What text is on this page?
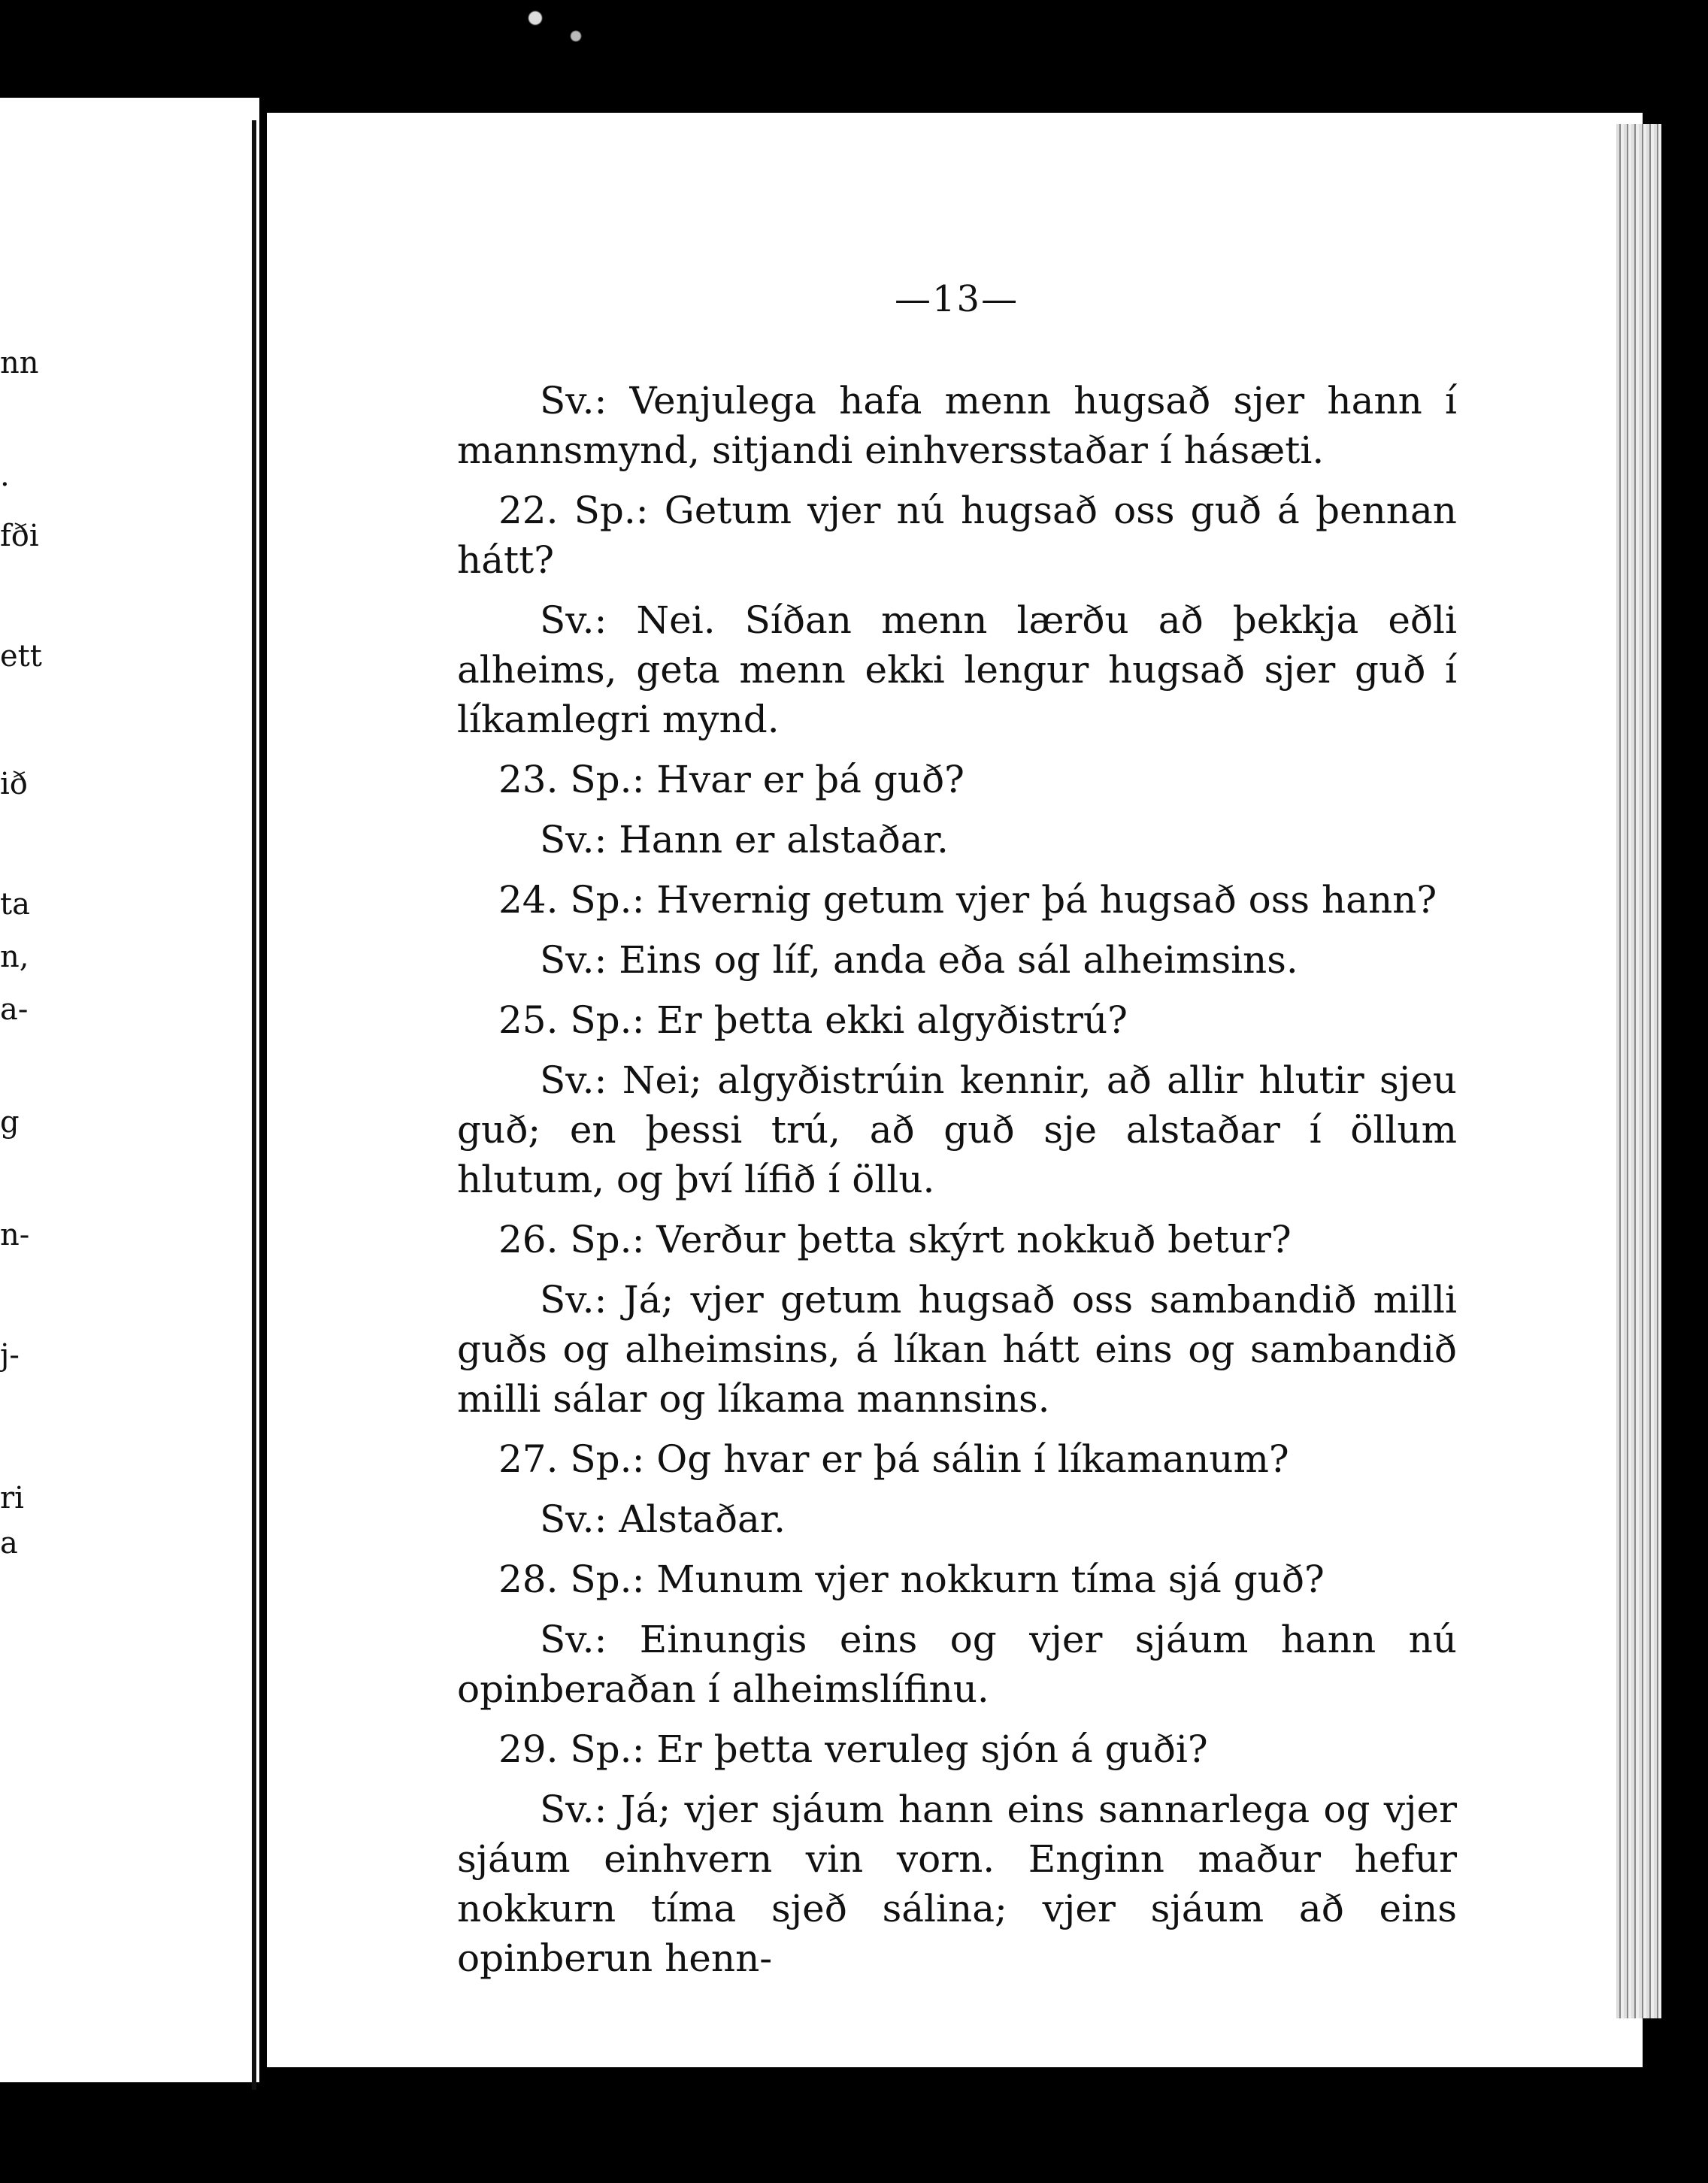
nn
.
fði
ett
ið
ta
n,
a-
g
n-
j-
ri
a
—13—

Sv.: Venjulega hafa menn hugsað sjer hann í mannsmynd, sitjandi einhversstaðar í hásæti.

22. Sp.: Getum vjer nú hugsað oss guð á þennan hátt?

Sv.: Nei. Síðan menn lærðu að þekkja eðli alheims, geta menn ekki lengur hugsað sjer guð í líkamlegri mynd.

23. Sp.: Hvar er þá guð?

Sv.: Hann er alstaðar.

24. Sp.: Hvernig getum vjer þá hugsað oss hann?

Sv.: Eins og líf, anda eða sál alheimsins.

25. Sp.: Er þetta ekki algyðistrú?

Sv.: Nei; algyðistrúin kennir, að allir hlutir sjeu guð; en þessi trú, að guð sje alstaðar í öllum hlutum, og því lífið í öllu.

26. Sp.: Verður þetta skýrt nokkuð betur?

Sv.: Já; vjer getum hugsað oss sambandið milli guðs og alheimsins, á líkan hátt eins og sambandið milli sálar og líkama mannsins.

27. Sp.: Og hvar er þá sálin í líkamanum?

Sv.: Alstaðar.

28. Sp.: Munum vjer nokkurn tíma sjá guð?

Sv.: Einungis eins og vjer sjáum hann nú opinberaðan í alheimslífinu.

29. Sp.: Er þetta veruleg sjón á guði?

Sv.: Já; vjer sjáum hann eins sannarlega og vjer sjáum einhvern vin vorn. Enginn maður hefur nokkurn tíma sjeð sálina; vjer sjáum að eins opinberun henn-
